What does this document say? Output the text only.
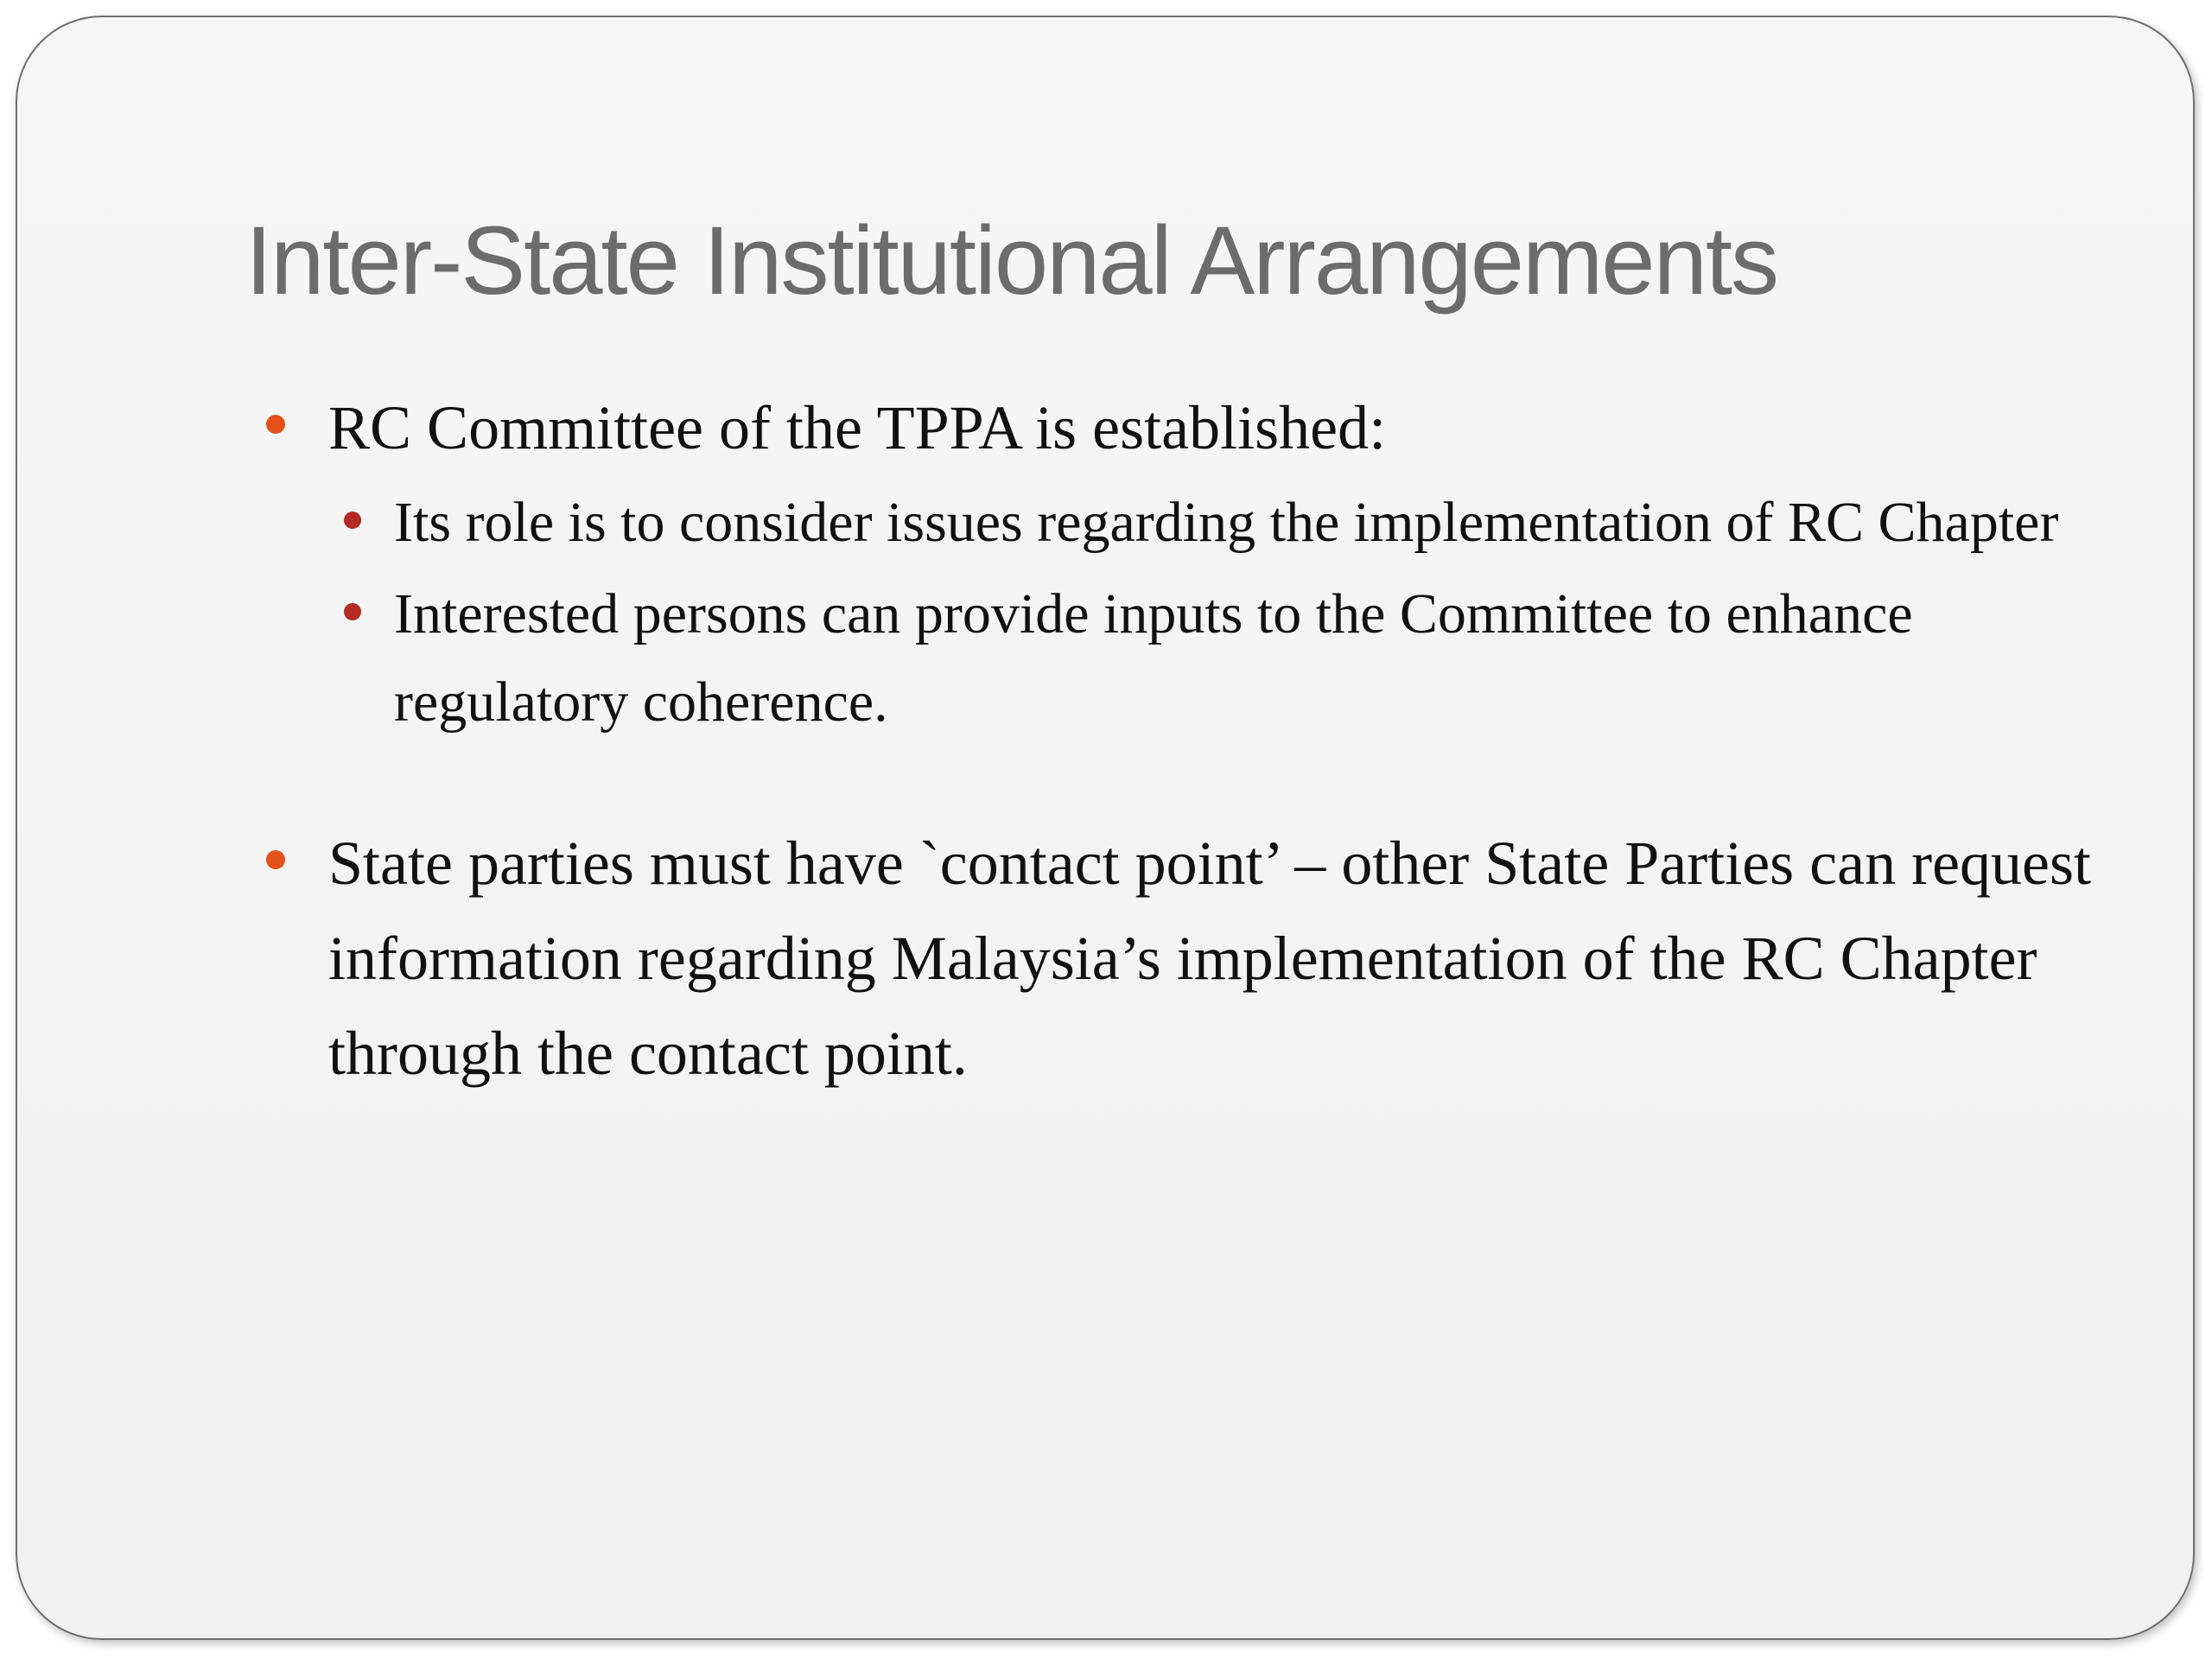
Inter-State Institutional Arrangements
RC Committee of the TPPA is established:
Its role is to consider issues regarding the implementation of RC Chapter
Interested persons can provide inputs to the Committee to enhance regulatory coherence.
State parties must have `contact point’ – other State Parties can request information regarding Malaysia’s implementation of the RC Chapter through the contact point.
